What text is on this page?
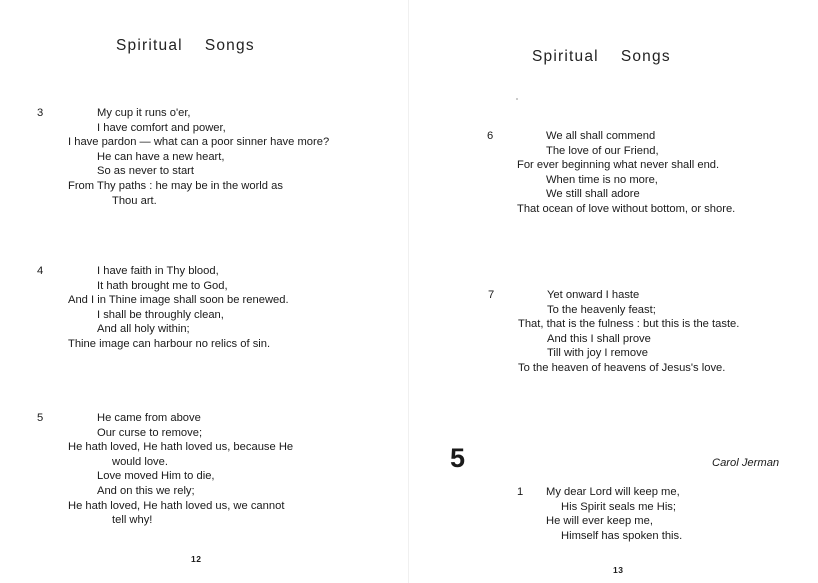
Spiritual    Songs
3	My cup it runs o'er,
I have comfort and power,
I have pardon — what can a poor sinner have more?
He can have a new heart,
So as never to start
From Thy paths : he may be in the world as
Thou art.
4	I have faith in Thy blood,
It hath brought me to God,
And I in Thine image shall soon be renewed.
I shall be throughly clean,
And all holy within;
Thine image can harbour no relics of sin.
5	He came from above
Our curse to remove;
He hath loved, He hath loved us, because He
would love.
Love moved Him to die,
And on this we rely;
He hath loved, He hath loved us, we cannot
tell why!
12
Spiritual    Songs
6	We all shall commend
The love of our Friend,
For ever beginning what never shall end.
When time is no more,
We still shall adore
That ocean of love without bottom, or shore.
7	Yet onward I haste
To the heavenly feast;
That, that is the fulness : but this is the taste.
And this I shall prove
Till with joy I remove
To the heaven of heavens of Jesus's love.
5	Carol Jerman
1 My dear Lord will keep me,
His Spirit seals me His;
He will ever keep me,
Himself has spoken this.
13
